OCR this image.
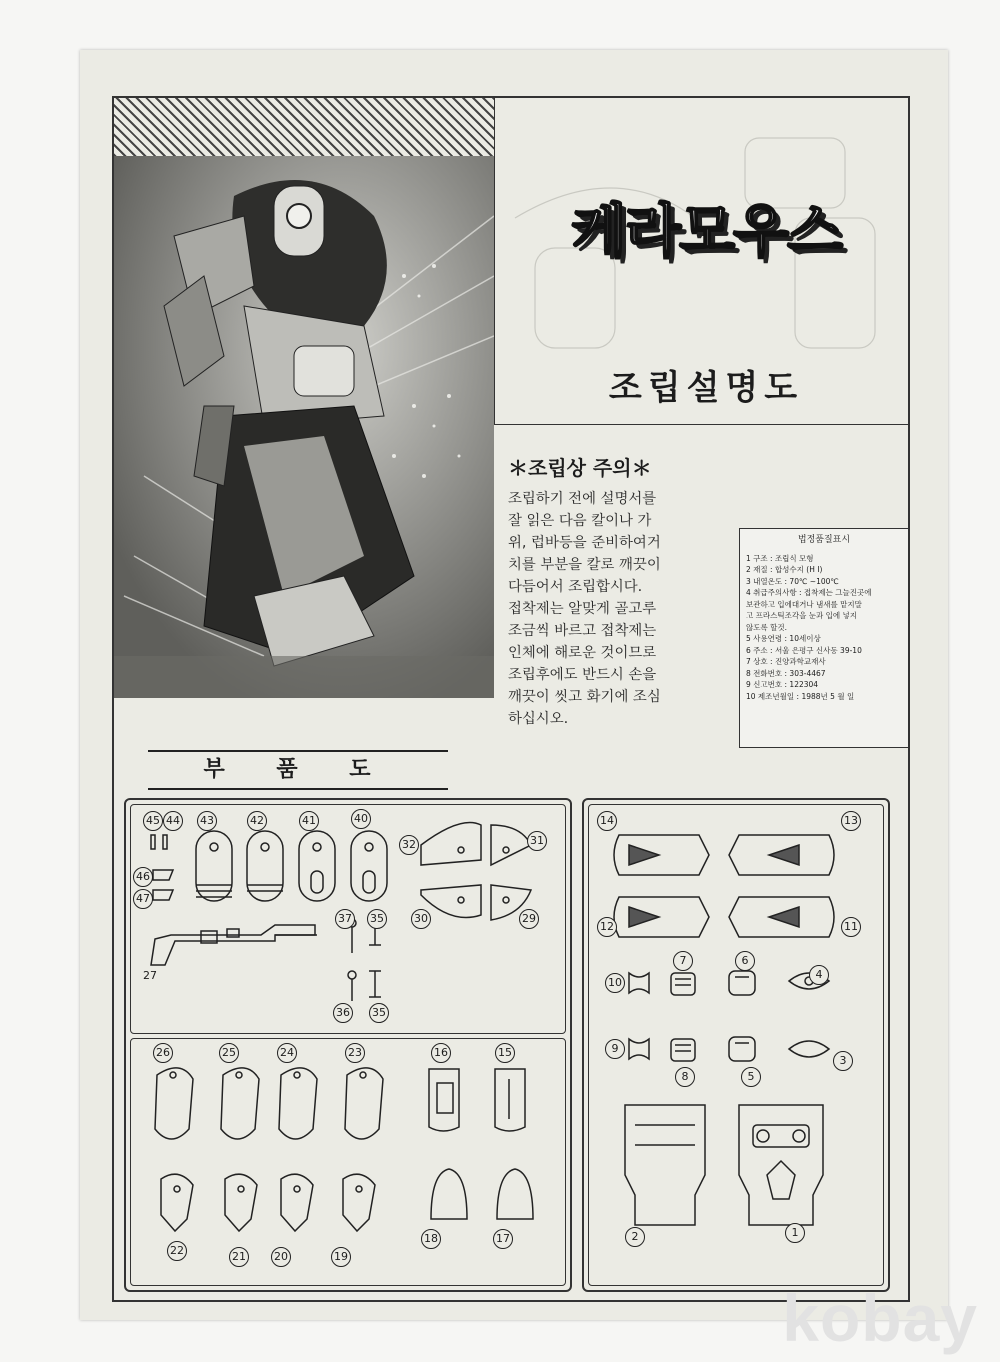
케라모우스
조립설명도
＊조립상 주의＊
조립하기 전에 설명서를
잘 읽은 다음 칼이나 가
위, 럽바등을 준비하여거
치를 부분을 칼로 깨끗이
다듬어서 조립합시다.
접착제는 알맞게 골고루
조금씩 바르고 접착제는
인체에 해로운 것이므로
조립후에도 반드시 손을
깨끗이 씻고 화기에 조심
하십시오.
법정품질표시
1 구조 : 조립식 모형
2 재질 : 합성수지 (H I)
3 내열온도 : 70℃ ~100℃
4 취급주의사항 : 접착제는 그늘진곳에
보관하고 입에대거나 냄새를 맡지말
고 프라스틱조각을 눈과 입에 넣지
않도록 할것.
5 사용연령 : 10세이상
6 주소 : 서울 은평구 신사동 39-10
7 상호 : 진양과학교재사
8 전화번호 : 303-4467
9 신고번호 : 122304
10 제조년월일 : 1988년 5 월 일
부 품 도
45 44 43	42	41	40
32	31
30	29
46
47
37 35
36 35
27
26	25	24	23	16	15
22	21	20	19
18	17
14	13
12	11
10
7	6
4
9
8	5
3
2	1
kobay
